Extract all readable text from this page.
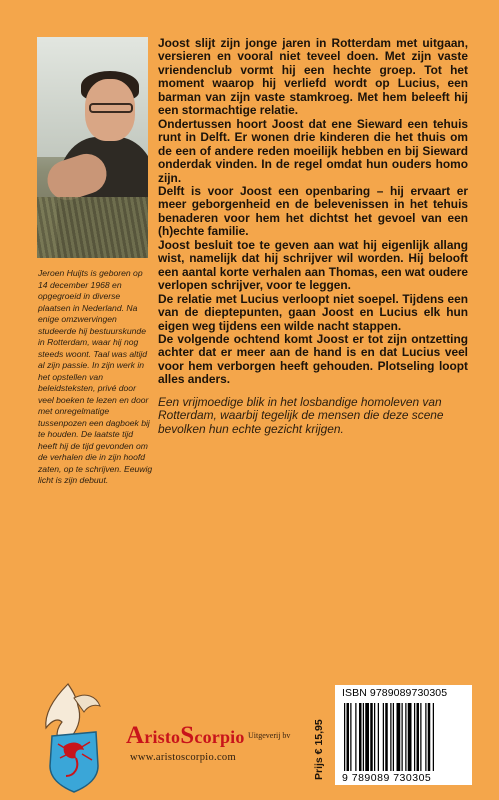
Jeroen Huijts is geboren op 14 december 1968 en opgegroeid in diverse plaatsen in Nederland. Na enige omzwervingen studeerde hij bestuurskunde in Rotterdam, waar hij nog steeds woont. Taal was altijd al zijn passie. In zijn werk in het opstellen van beleidsteksten, privé door veel boeken te lezen en door met onregelmatige tussenpozen een dagboek bij te houden. De laatste tijd heeft hij de tijd gevonden om de verhalen die in zijn hoofd zaten, op te schrijven. Eeuwig licht is zijn debuut.

Joost slijt zijn jonge jaren in Rotterdam met uitgaan, versieren en vooral niet teveel doen. Met zijn vaste vriendenclub vormt hij een hechte groep. Tot het moment waarop hij verliefd wordt op Lucius, een barman van zijn vaste stamkroeg. Met hem beleeft hij een stormachtige relatie.

Ondertussen hoort Joost dat ene Sieward een tehuis runt in Delft. Er wonen drie kinderen die het thuis om de een of andere reden moeilijk hebben en bij Sieward onderdak vinden. In de regel omdat hun ouders homo zijn.

Delft is voor Joost een openbaring – hij ervaart er meer geborgenheid en de belevenissen in het tehuis benaderen voor hem het dichtst het gevoel van een (h)echte familie.

Joost besluit toe te geven aan wat hij eigenlijk allang wist, namelijk dat hij schrijver wil worden. Hij belooft een aantal korte verhalen aan Thomas, een wat oudere verlopen schrijver, voor te leggen.

De relatie met Lucius verloopt niet soepel. Tijdens een van de dieptepunten, gaan Joost en Lucius elk hun eigen weg tijdens een wilde nacht stappen.

De volgende ochtend komt Joost er tot zijn ontzetting achter dat er meer aan de hand is en dat Lucius veel voor hem verborgen heeft gehouden. Plotseling loopt alles anders.

Een vrijmoedige blik in het losbandige homoleven van Rotterdam, waarbij tegelijk de mensen die deze scene bevolken hun echte gezicht krijgen.

AristoScorpio Uitgeverij bv
www.aristoscorpio.com	Prijs € 15,95
ISBN 9789089730305
9 789089 730305
